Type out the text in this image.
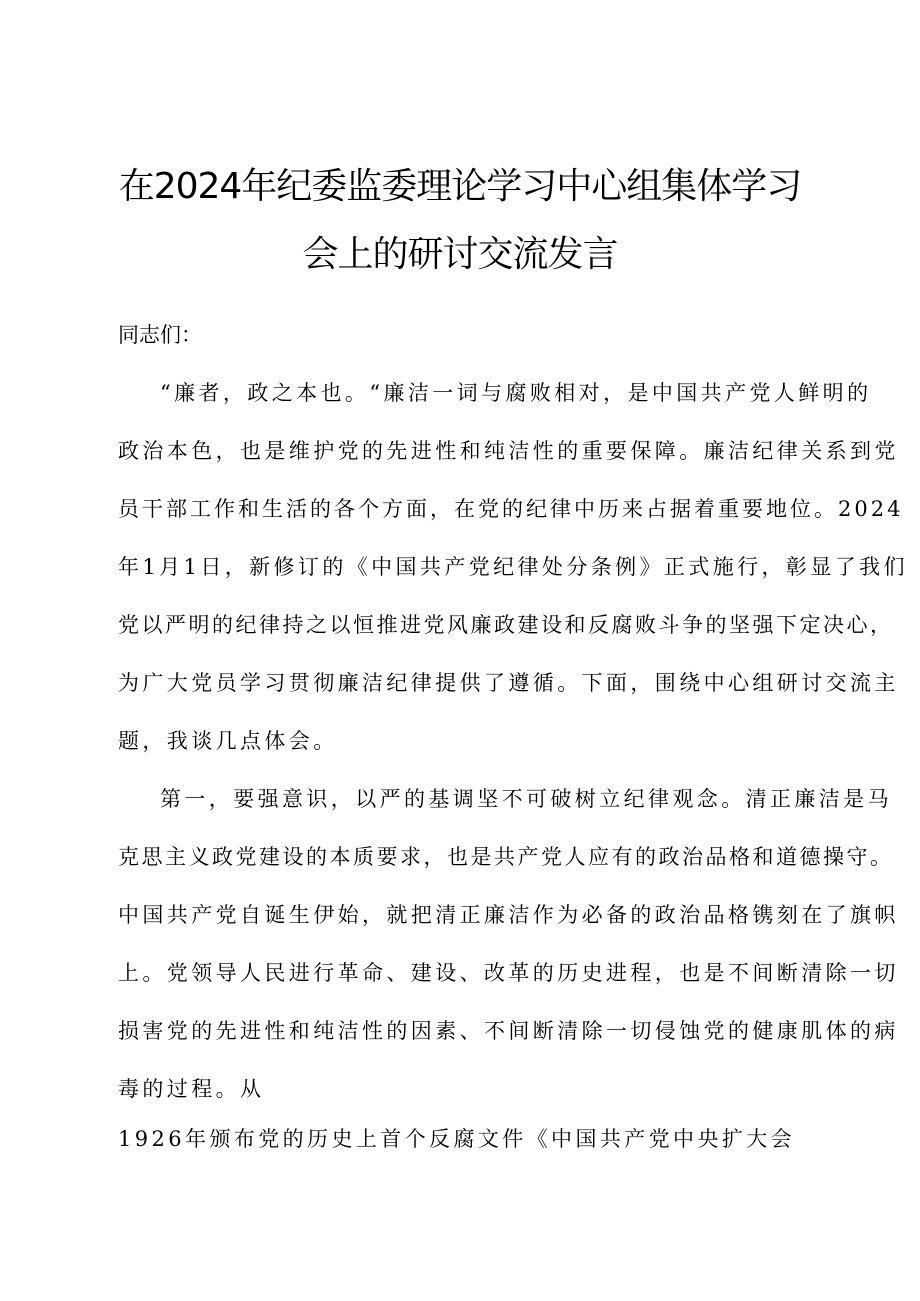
在2024年纪委监委理论学习中心组集体学习
会上的研讨交流发言
同志们：
“廉者，政之本也。“廉洁一词与腐败相对，是中国共产党人鲜明的
政治本色，也是维护党的先进性和纯洁性的重要保障。廉洁纪律关系到党
员干部工作和生活的各个方面，在党的纪律中历来占据着重要地位。2024
年1月1日，新修订的《中国共产党纪律处分条例》正式施行，彰显了我们
党以严明的纪律持之以恒推进党风廉政建设和反腐败斗争的坚强下定决心，
为广大党员学习贯彻廉洁纪律提供了遵循。下面，围绕中心组研讨交流主
题，我谈几点体会。
第一，要强意识，以严的基调坚不可破树立纪律观念。清正廉洁是马
克思主义政党建设的本质要求，也是共产党人应有的政治品格和道德操守。
中国共产党自诞生伊始，就把清正廉洁作为必备的政治品格镌刻在了旗帜
上。党领导人民进行革命、建设、改革的历史进程，也是不间断清除一切
损害党的先进性和纯洁性的因素、不间断清除一切侵蚀党的健康肌体的病
毒的过程。从
1926年颁布党的历史上首个反腐文件《中国共产党中央扩大会
